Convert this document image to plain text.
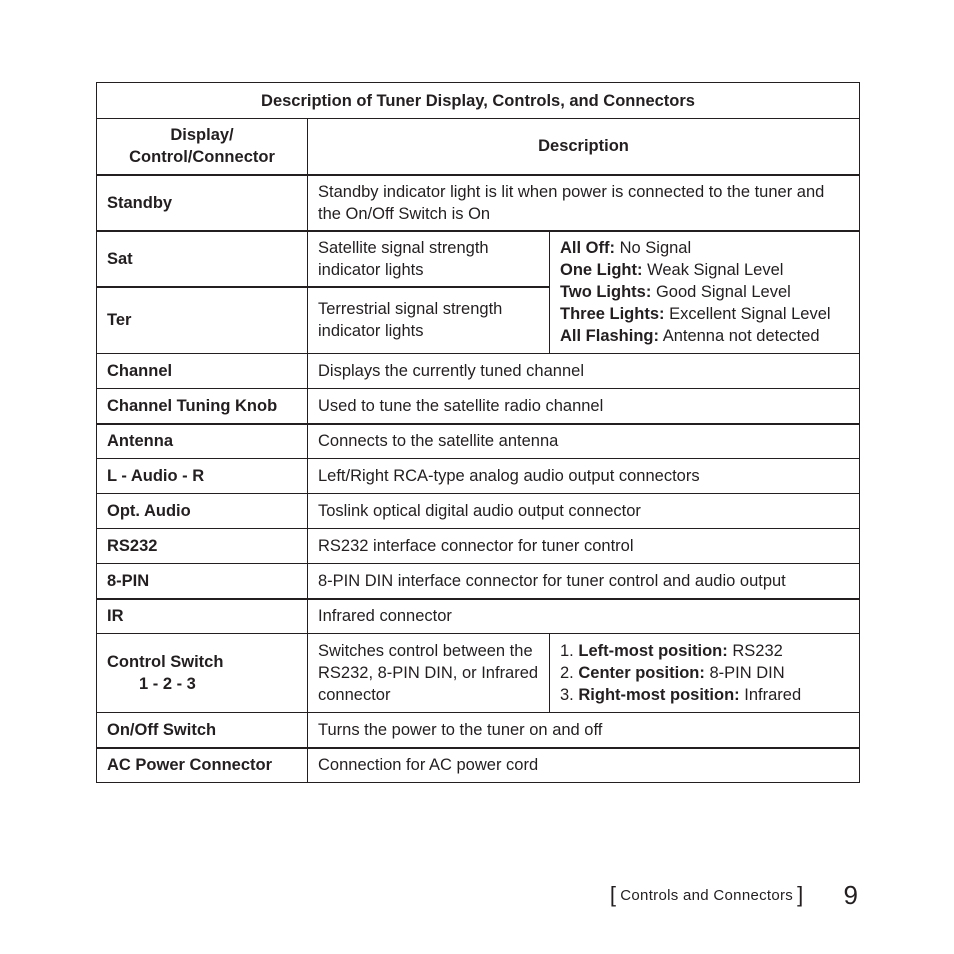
Description of Tuner Display, Controls, and Connectors		

Display/
Control/Connector	Description	
Standby	Standby indicator light is lit when power is connected to the tuner and the On/Off Switch is On	
Sat	Satellite signal strength indicator lights	All Off: No Signal
One Light: Weak Signal Level
Two Lights: Good Signal Level
Three Lights: Excellent Signal Level
All Flashing: Antenna not detected

Ter	Terrestrial signal strength indicator lights	
Channel	Displays the currently tuned channel	
Channel Tuning Knob	Used to tune the satellite radio channel	
Antenna	Connects to the satellite antenna	
L - Audio - R	Left/Right RCA-type analog audio output connectors	
Opt. Audio	Toslink optical digital audio output connector	
RS232	RS232 interface connector for tuner control	
8-PIN	8-PIN DIN interface connector for tuner control and audio output	
IR	Infrared connector	

Control Switch
1 - 2 - 3	Switches control between the RS232, 8-PIN DIN, or Infrared connector	1. Left-most position: RS232
2. Center position: 8-PIN DIN
3. Right-most position: Infrared

On/Off Switch	Turns the power to the tuner on and off	
AC Power Connector	Connection for AC power cord	
[ Controls and Connectors ] 9
